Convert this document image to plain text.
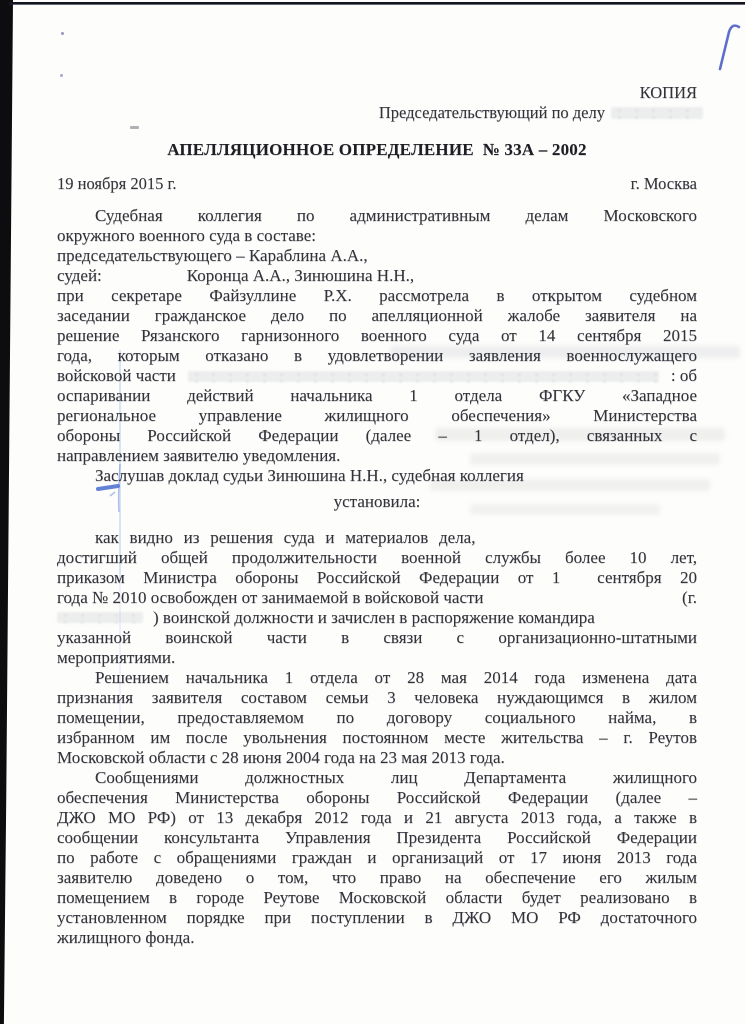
КОПИЯ
Председательствующий по делу
АПЕЛЛЯЦИОННОЕ ОПРЕДЕЛЕНИЕ  № 33А – 2002
19 ноября 2015 г.	г. Москва
Судебная коллегия по административным делам Московского
окружного военного суда в составе:
председательствующего – Караблина А.А.,
судей:                    Коронца А.А., Зинюшина Н.Н.,
при секретаре Файзуллине Р.Х. рассмотрела в открытом судебном
заседании гражданское дело по апелляционной жалобе заявителя на
решение Рязанского гарнизонного военного суда от 14 сентября 2015
года, которым отказано в удовлетворении заявления военнослужащего
войсковой части	: об
оспаривании действий начальника 1 отдела ФГКУ «Западное
региональное управление жилищного обеспечения» Министерства
обороны Российской Федерации (далее – 1 отдел), связанных с
направлением заявителю уведомления.
Заслушав доклад судьи Зинюшина Н.Н., судебная коллегия
установила:
как видно из решения суда и материалов дела,
достигший общей продолжительности военной службы более 10 лет,
приказом Министра обороны Российской Федерации от 1  сентября 20
года № 2010 освобожден от занимаемой в войсковой части	(г.
) воинской должности и зачислен в распоряжение командира
указанной воинской части в связи с организационно-штатными
мероприятиями.
Решением начальника 1 отдела от 28 мая 2014 года изменена дата
признания заявителя составом семьи 3 человека нуждающимся в жилом
помещении, предоставляемом по договору социального найма, в
избранном им после увольнения постоянном месте жительства – г. Реутов
Московской области с 28 июня 2004 года на 23 мая 2013 года.
Сообщениями должностных лиц Департамента жилищного
обеспечения Министерства обороны Российской Федерации (далее –
ДЖО МО РФ) от 13 декабря 2012 года и 21 августа 2013 года, а также в
сообщении консультанта Управления Президента Российской Федерации
по работе с обращениями граждан и организаций от 17 июня 2013 года
заявителю доведено о том, что право на обеспечение его жилым
помещением в городе Реутове Московской области будет реализовано в
установленном порядке при поступлении в ДЖО МО РФ достаточного
жилищного фонда.
